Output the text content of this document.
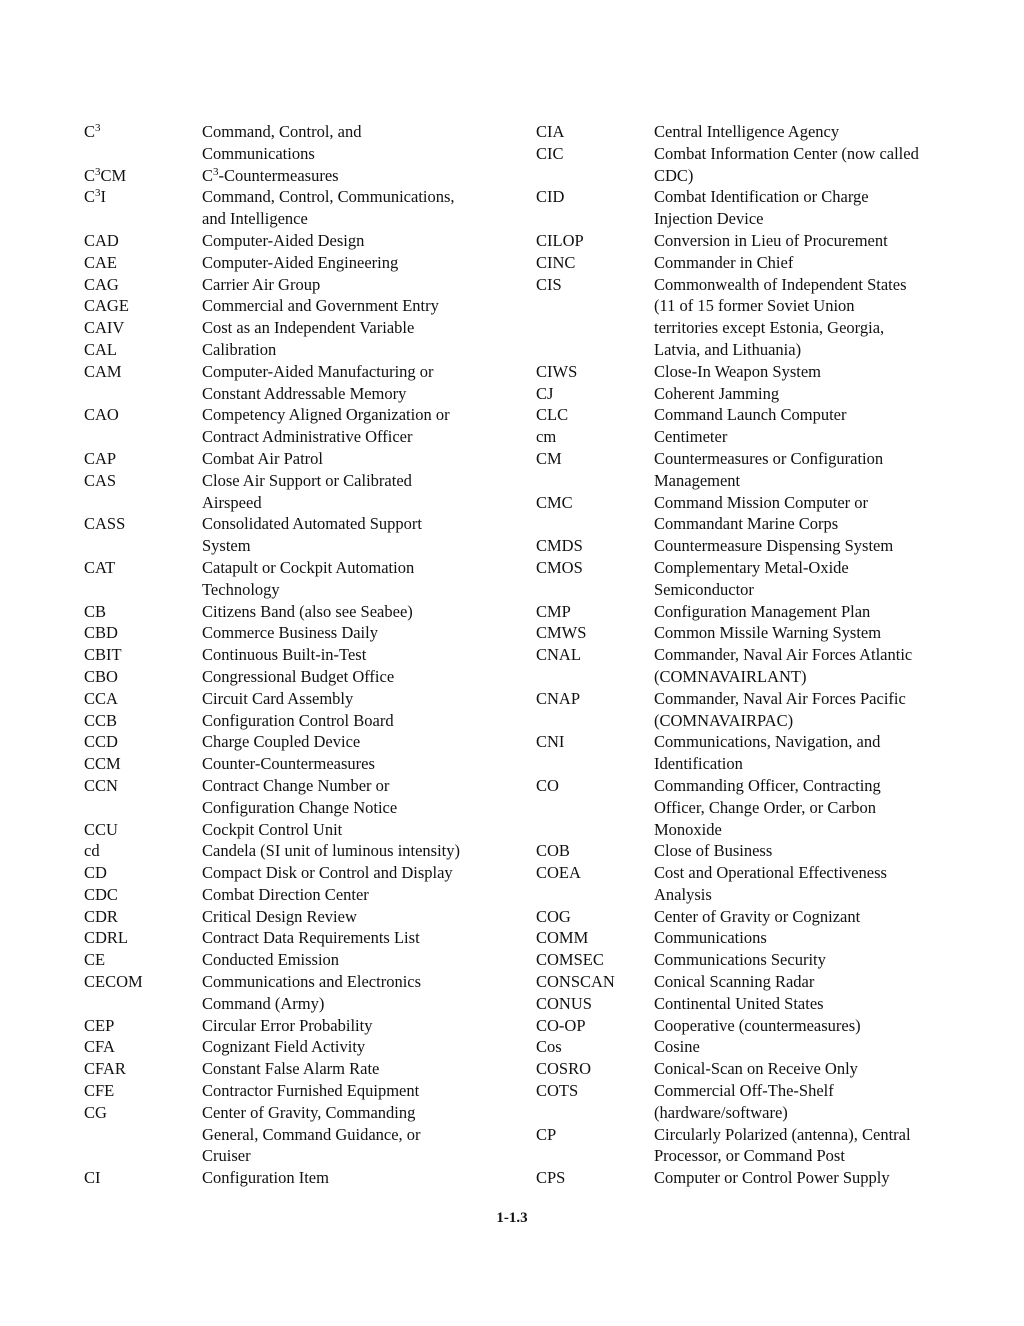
$C^3$	Command, Control, and
Communications
$C^3CM$	$C^3$-Countermeasures
$C^3I$	Command, Control, Communications,
and Intelligence
CAD	Computer-Aided Design
CAE	Computer-Aided Engineering
CAG	Carrier Air Group
CAGE	Commercial and Government Entry
CAIV	Cost as an Independent Variable
CAL	Calibration
CAM	Computer-Aided Manufacturing or
Constant Addressable Memory
CAO	Competency Aligned Organization or
Contract Administrative Officer
CAP	Combat Air Patrol
CAS	Close Air Support or Calibrated
Airspeed
CASS	Consolidated Automated Support
System
CAT	Catapult or Cockpit Automation
Technology
CB	Citizens Band (also see Seabee)
CBD	Commerce Business Daily
CBIT	Continuous Built-in-Test
CBO	Congressional Budget Office
CCA	Circuit Card Assembly
CCB	Configuration Control Board
CCD	Charge Coupled Device
CCM	Counter-Countermeasures
CCN	Contract Change Number or
Configuration Change Notice
CCU	Cockpit Control Unit
cd	Candela (SI unit of luminous intensity)
CD	Compact Disk or Control and Display
CDC	Combat Direction Center
CDR	Critical Design Review
CDRL	Contract Data Requirements List
CE	Conducted Emission
CECOM	Communications and Electronics
Command (Army)
CEP	Circular Error Probability
CFA	Cognizant Field Activity
CFAR	Constant False Alarm Rate
CFE	Contractor Furnished Equipment
CG	Center of Gravity, Commanding
General, Command Guidance, or
Cruiser
CI	Configuration Item
CIA	Central Intelligence Agency
CIC	Combat Information Center (now called
CDC)
CID	Combat Identification or Charge
Injection Device
CILOP	Conversion in Lieu of Procurement
CINC	Commander in Chief
CIS	Commonwealth of Independent States
(11 of 15 former Soviet Union
territories except Estonia, Georgia,
Latvia, and Lithuania)
CIWS	Close-In Weapon System
CJ	Coherent Jamming
CLC	Command Launch Computer
cm	Centimeter
CM	Countermeasures or Configuration
Management
CMC	Command Mission Computer or
Commandant Marine Corps
CMDS	Countermeasure Dispensing System
CMOS	Complementary Metal-Oxide
Semiconductor
CMP	Configuration Management Plan
CMWS	Common Missile Warning System
CNAL	Commander, Naval Air Forces Atlantic
(COMNAVAIRLANT)
CNAP	Commander, Naval Air Forces Pacific
(COMNAVAIRPAC)
CNI	Communications, Navigation, and
Identification
CO	Commanding Officer, Contracting
Officer, Change Order, or Carbon
Monoxide
COB	Close of Business
COEA	Cost and Operational Effectiveness
Analysis
COG	Center of Gravity or Cognizant
COMM	Communications
COMSEC	Communications Security
CONSCAN	Conical Scanning Radar
CONUS	Continental United States
CO-OP	Cooperative (countermeasures)
Cos	Cosine
COSRO	Conical-Scan on Receive Only
COTS	Commercial Off-The-Shelf
(hardware/software)
CP	Circularly Polarized (antenna), Central
Processor, or Command Post
CPS	Computer or Control Power Supply
1-1.3
